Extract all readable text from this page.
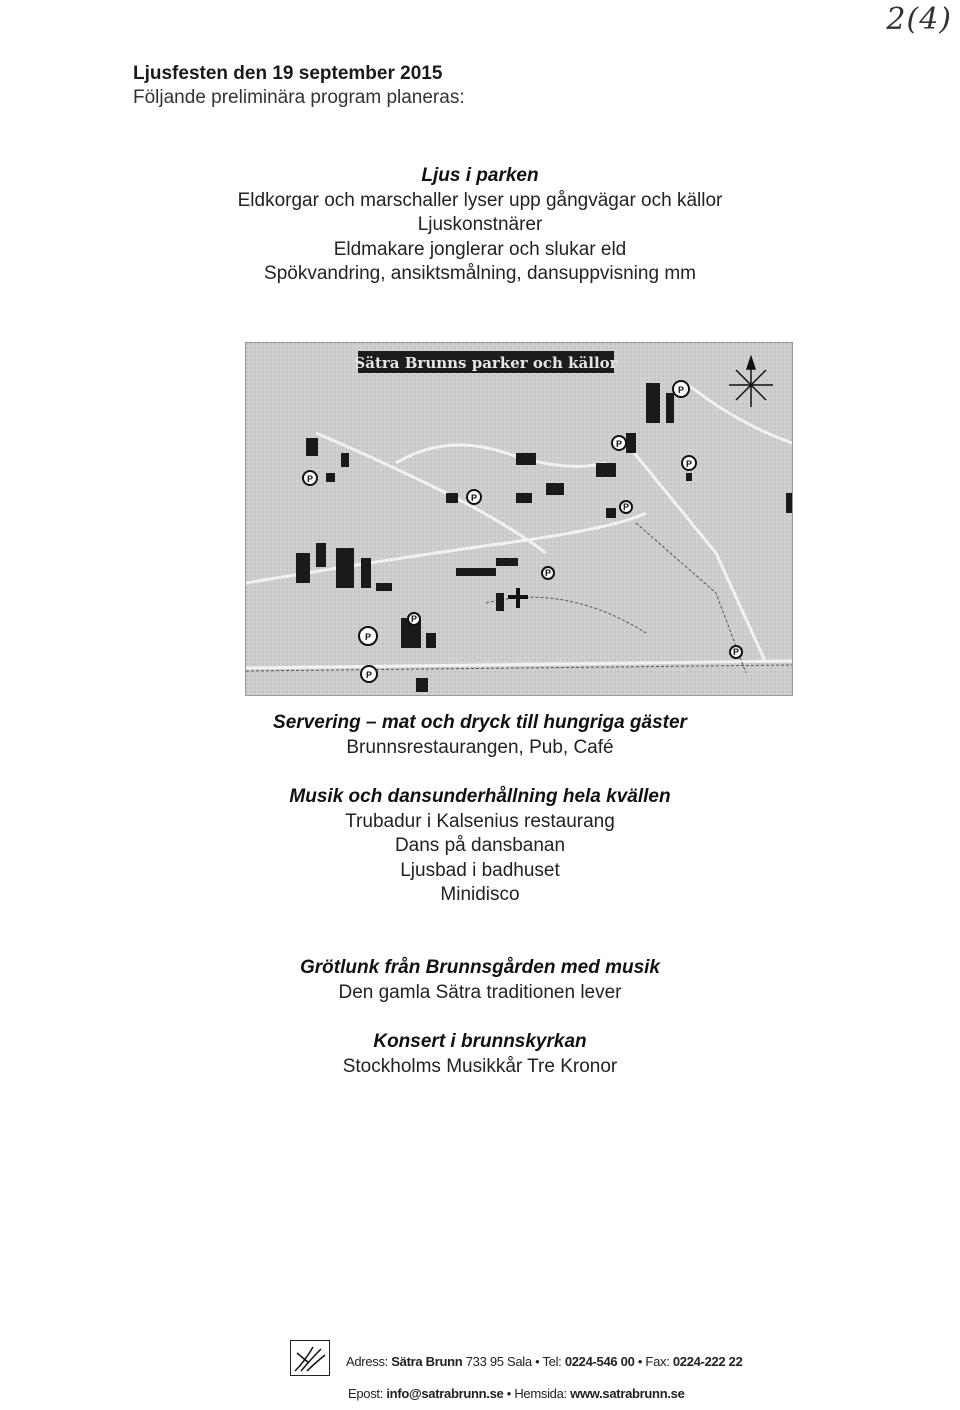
2(4)
Ljusfesten den 19 september 2015
Följande preliminära program planeras:
Ljus i parken
Eldkorgar och marschaller lyser upp gångvägar och källor
Ljuskonstnärer
Eldmakare jonglerar och slukar eld
Spökvandring, ansiktsmålning, dansuppvisning mm
P
P
P
P
P
P
P
P
P
P
P
Sätra Brunns parker och källor
Servering – mat och dryck till hungriga gäster
Brunnsrestaurangen, Pub, Café
Musik och dansunderhållning hela kvällen
Trubadur i Kalsenius restaurang
Dans på dansbanan
Ljusbad i badhuset
Minidisco
Grötlunk från Brunnsgården med musik
Den gamla Sätra traditionen lever
Konsert i brunnskyrkan
Stockholms Musikkår Tre Kronor
Adress: Sätra Brunn 733 95 Sala • Tel: 0224-546 00 • Fax: 0224-222 22
Epost: info@satrabrunn.se • Hemsida: www.satrabrunn.se
